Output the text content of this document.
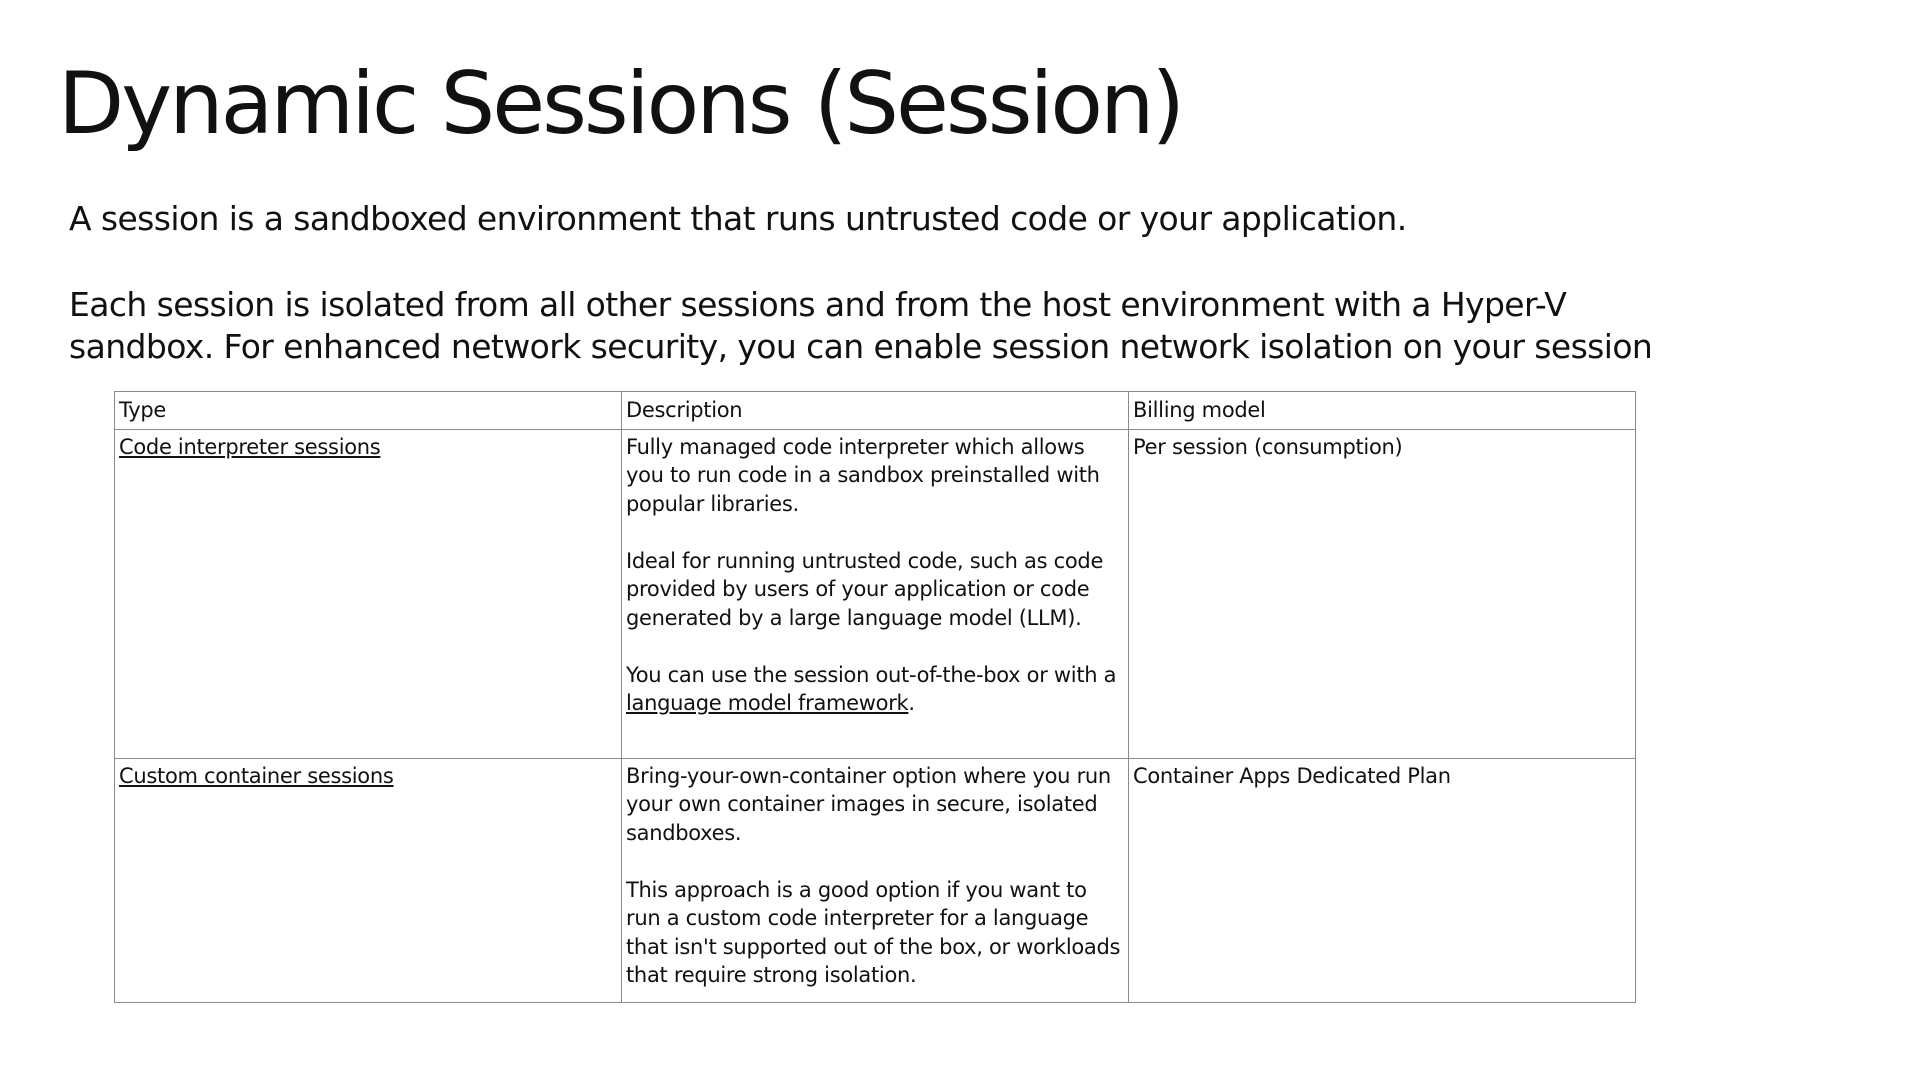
Dynamic Sessions (Session)

A session is a sandboxed environment that runs untrusted code or your application.

Each session is isolated from all other sessions and from the host environment with a Hyper-V
sandbox. For enhanced network security, you can enable session network isolation on your session

Type	Description	Billing model
Code interpreter sessions	Fully managed code interpreter which allows you to run code in a sandbox preinstalled with popular libraries.
Ideal for running untrusted code, such as code provided by users of your application or code generated by a large language model (LLM).
You can use the session out-of-the-box or with a language model framework.	Per session (consumption)
Custom container sessions	Bring-your-own-container option where you run your own container images in secure, isolated sandboxes.
This approach is a good option if you want to run a custom code interpreter for a language that isn't supported out of the box, or workloads that require strong isolation.	Container Apps Dedicated Plan
